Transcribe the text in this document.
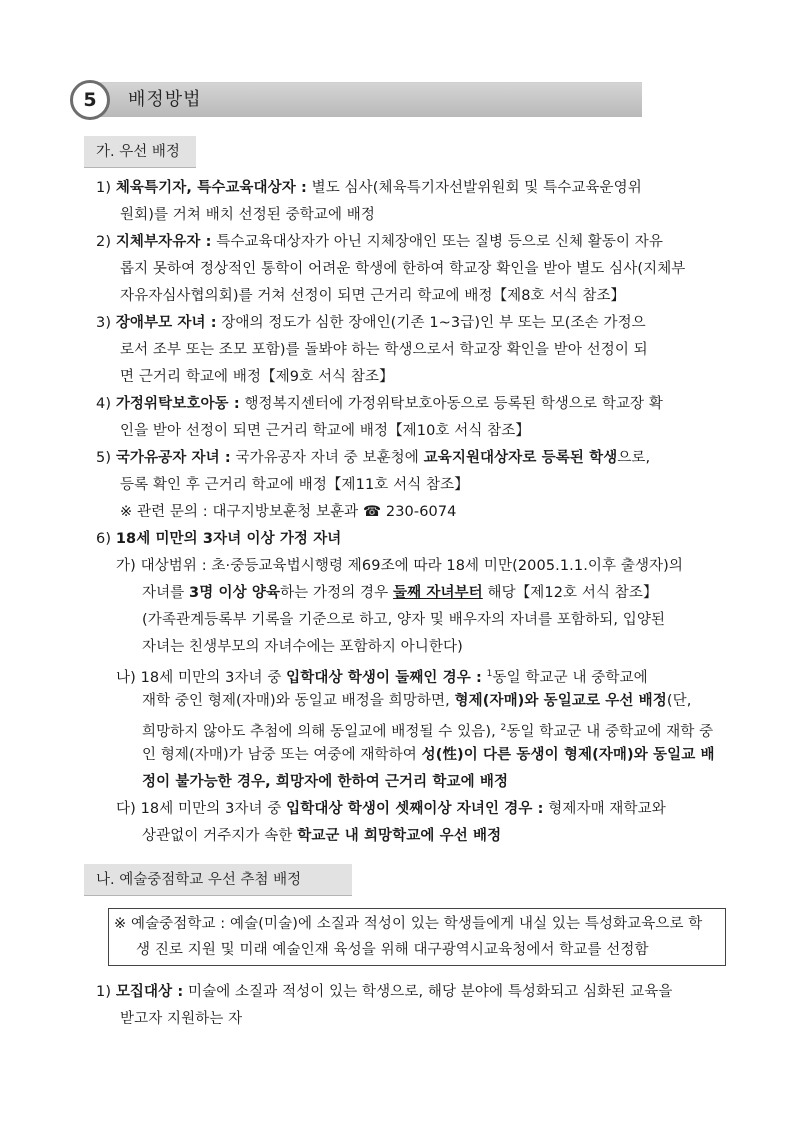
5	배정방법
가. 우선 배정
1) 체육특기자, 특수교육대상자 : 별도 심사(체육특기자선발위원회 및 특수교육운영위
원회)를 거쳐 배치 선정된 중학교에 배정
2) 지체부자유자 : 특수교육대상자가 아닌 지체장애인 또는 질병 등으로 신체 활동이 자유
롭지 못하여 정상적인 통학이 어려운 학생에 한하여 학교장 확인을 받아 별도 심사(지체부
자유자심사협의회)를 거쳐 선정이 되면 근거리 학교에 배정【제8호 서식 참조】
3) 장애부모 자녀 : 장애의 정도가 심한 장애인(기존 1~3급)인 부 또는 모(조손 가정으
로서 조부 또는 조모 포함)를 돌봐야 하는 학생으로서 학교장 확인을 받아 선정이 되
면 근거리 학교에 배정【제9호 서식 참조】
4) 가정위탁보호아동 : 행정복지센터에 가정위탁보호아동으로 등록된 학생으로 학교장 확
인을 받아 선정이 되면 근거리 학교에 배정【제10호 서식 참조】
5) 국가유공자 자녀 : 국가유공자 자녀 중 보훈청에 교육지원대상자로 등록된 학생으로,
등록 확인 후 근거리 학교에 배정【제11호 서식 참조】
※ 관련 문의 : 대구지방보훈청 보훈과 ☎ 230-6074
6) 18세 미만의 3자녀 이상 가정 자녀
가) 대상범위 : 초·중등교육법시행령 제69조에 따라 18세 미만(2005.1.1.이후 출생자)의
자녀를 3명 이상 양육하는 가정의 경우 둘째 자녀부터 해당【제12호 서식 참조】
(가족관계등록부 기록을 기준으로 하고, 양자 및 배우자의 자녀를 포함하되, 입양된
자녀는 친생부모의 자녀수에는 포함하지 아니한다)
나) 18세 미만의 3자녀 중 입학대상 학생이 둘째인 경우 : $^1$동일 학교군 내 중학교에
재학 중인 형제(자매)와 동일교 배정을 희망하면, 형제(자매)와 동일교로 우선 배정(단,
희망하지 않아도 추첨에 의해 동일교에 배정될 수 있음), $^2$동일 학교군 내 중학교에 재학 중
인 형제(자매)가 남중 또는 여중에 재학하여 성(性)이 다른 동생이 형제(자매)와 동일교 배
정이 불가능한 경우, 희망자에 한하여 근거리 학교에 배정
다) 18세 미만의 3자녀 중 입학대상 학생이 셋째이상 자녀인 경우 : 형제자매 재학교와
상관없이 거주지가 속한 학교군 내 희망학교에 우선 배정
나. 예술중점학교 우선 추첨 배정
※ 예술중점학교 : 예술(미술)에 소질과 적성이 있는 학생들에게 내실 있는 특성화교육으로 학
생 진로 지원 및 미래 예술인재 육성을 위해 대구광역시교육청에서 학교를 선정함
1) 모집대상 : 미술에 소질과 적성이 있는 학생으로, 해당 분야에 특성화되고 심화된 교육을
받고자 지원하는 자
